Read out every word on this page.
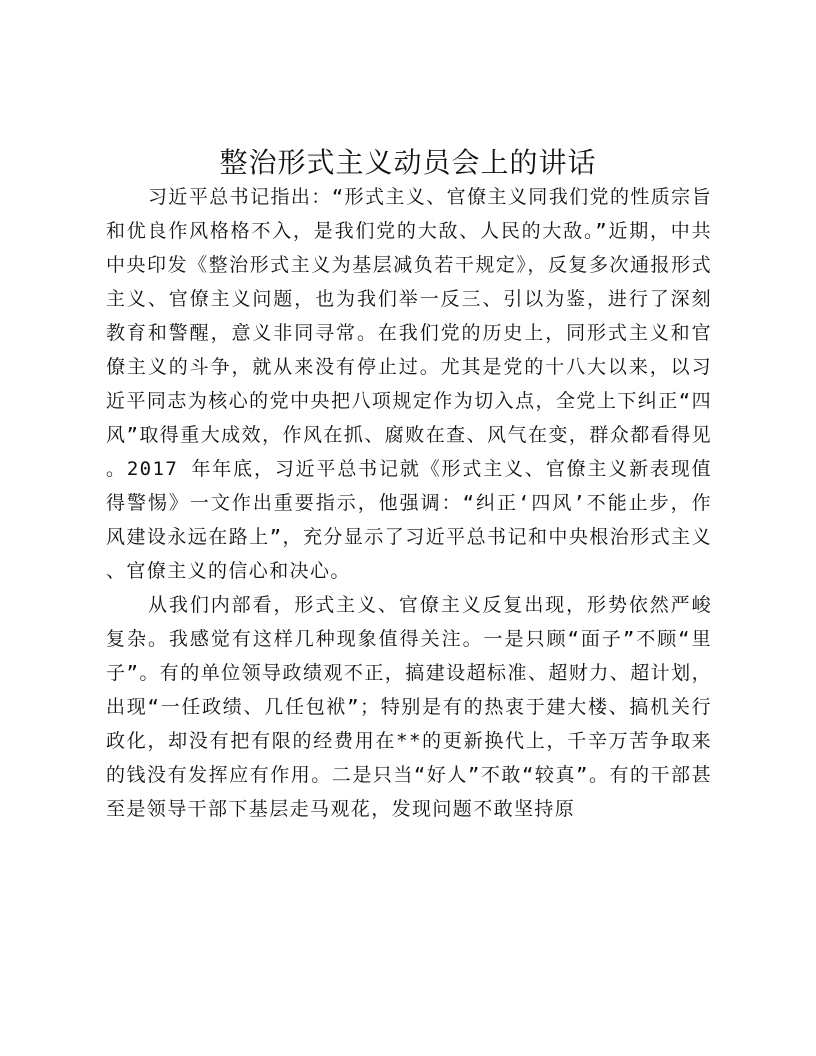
整治形式主义动员会上的讲话

习近平总书记指出：“形式主义、官僚主义同我们党的性质宗旨和优良作风格格不入，是我们党的大敌、人民的大敌。”近期，中共中央印发《整治形式主义为基层减负若干规定》，反复多次通报形式主义、官僚主义问题，也为我们举一反三、引以为鉴，进行了深刻教育和警醒，意义非同寻常。在我们党的历史上，同形式主义和官僚主义的斗争，就从来没有停止过。尤其是党的十八大以来，以习近平同志为核心的党中央把八项规定作为切入点，全党上下纠正“四风”取得重大成效，作风在抓、腐败在查、风气在变，群众都看得见。2017 年年底，习近平总书记就《形式主义、官僚主义新表现值得警惕》一文作出重要指示，他强调：“纠正‘四风’不能止步，作风建设永远在路上”，充分显示了习近平总书记和中央根治形式主义、官僚主义的信心和决心。

从我们内部看，形式主义、官僚主义反复出现，形势依然严峻复杂。我感觉有这样几种现象值得关注。一是只顾“面子”不顾“里子”。有的单位领导政绩观不正，搞建设超标准、超财力、超计划，出现“一任政绩、几任包袱”；特别是有的热衷于建大楼、搞机关行政化，却没有把有限的经费用在**的更新换代上，千辛万苦争取来的钱没有发挥应有作用。二是只当“好人”不敢“较真”。有的干部甚至是领导干部下基层走马观花，发现问题不敢坚持原
